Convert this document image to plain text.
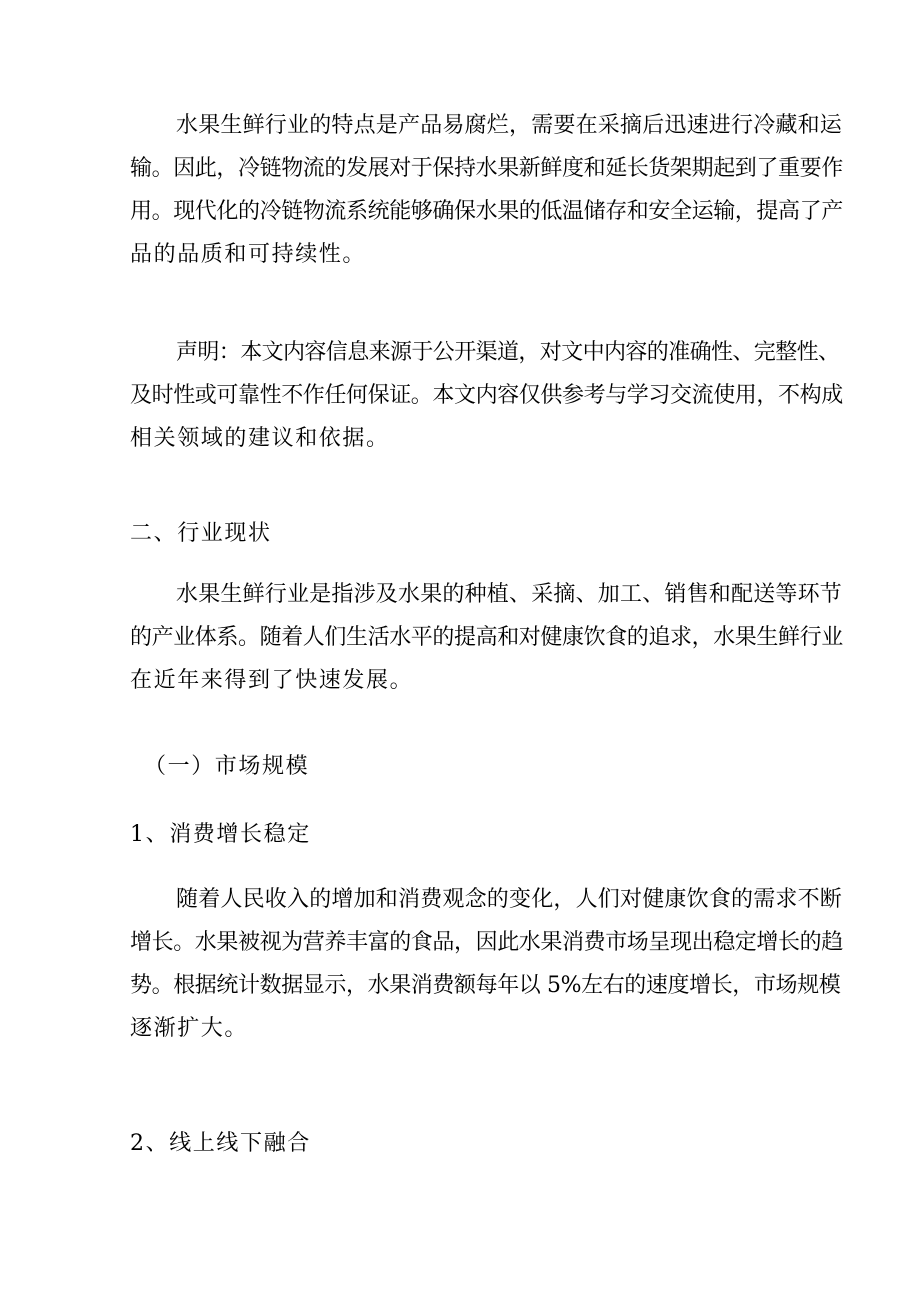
水果生鲜行业的特点是产品易腐烂，需要在采摘后迅速进行冷藏和运
输。因此，冷链物流的发展对于保持水果新鲜度和延长货架期起到了重要作
用。现代化的冷链物流系统能够确保水果的低温储存和安全运输，提高了产
品的品质和可持续性。
声明：本文内容信息来源于公开渠道，对文中内容的准确性、完整性、
及时性或可靠性不作任何保证。本文内容仅供参考与学习交流使用，不构成
相关领域的建议和依据。
二、行业现状
水果生鲜行业是指涉及水果的种植、采摘、加工、销售和配送等环节
的产业体系。随着人们生活水平的提高和对健康饮食的追求，水果生鲜行业
在近年来得到了快速发展。
（一）市场规模
1、消费增长稳定
随着人民收入的增加和消费观念的变化，人们对健康饮食的需求不断
增长。水果被视为营养丰富的食品，因此水果消费市场呈现出稳定增长的趋
势。根据统计数据显示，水果消费额每年以 5%左右的速度增长，市场规模
逐渐扩大。
2、线上线下融合
